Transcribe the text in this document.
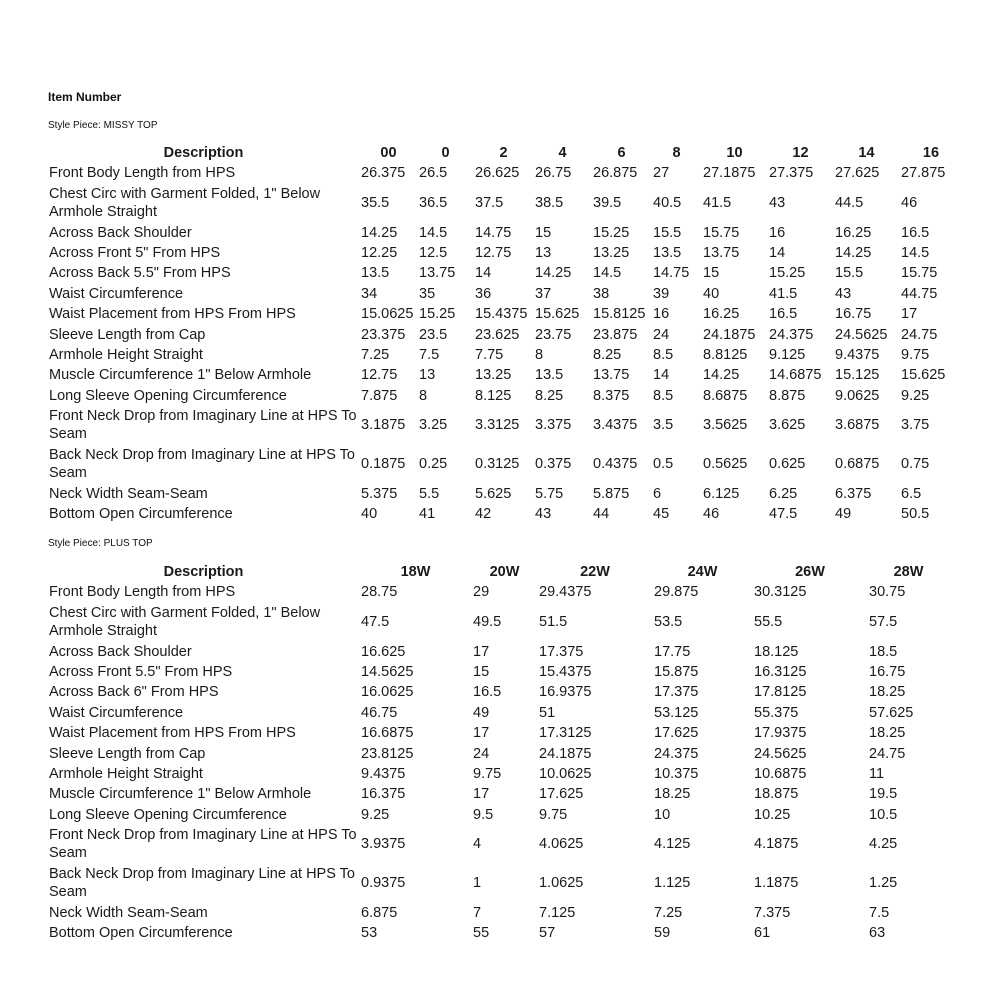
Item Number
Style Piece: MISSY TOP
Description	00	0	2	4	6	8	10	12	14	16
Front Body Length from HPS	26.375	26.5	26.625	26.75	26.875	27	27.1875	27.375	27.625	27.875
Chest Circ with Garment Folded, 1" Below Armhole Straight	35.5	36.5	37.5	38.5	39.5	40.5	41.5	43	44.5	46
Across Back Shoulder	14.25	14.5	14.75	15	15.25	15.5	15.75	16	16.25	16.5
Across Front 5" From HPS	12.25	12.5	12.75	13	13.25	13.5	13.75	14	14.25	14.5
Across Back 5.5" From HPS	13.5	13.75	14	14.25	14.5	14.75	15	15.25	15.5	15.75
Waist Circumference	34	35	36	37	38	39	40	41.5	43	44.75
Waist Placement from HPS From HPS	15.0625	15.25	15.4375	15.625	15.8125	16	16.25	16.5	16.75	17
Sleeve Length from Cap	23.375	23.5	23.625	23.75	23.875	24	24.1875	24.375	24.5625	24.75
Armhole Height Straight	7.25	7.5	7.75	8	8.25	8.5	8.8125	9.125	9.4375	9.75
Muscle Circumference 1" Below Armhole	12.75	13	13.25	13.5	13.75	14	14.25	14.6875	15.125	15.625
Long Sleeve Opening Circumference	7.875	8	8.125	8.25	8.375	8.5	8.6875	8.875	9.0625	9.25
Front Neck Drop from Imaginary Line at HPS To Seam	3.1875	3.25	3.3125	3.375	3.4375	3.5	3.5625	3.625	3.6875	3.75
Back Neck Drop from Imaginary Line at HPS To Seam	0.1875	0.25	0.3125	0.375	0.4375	0.5	0.5625	0.625	0.6875	0.75
Neck Width Seam-Seam	5.375	5.5	5.625	5.75	5.875	6	6.125	6.25	6.375	6.5
Bottom Open Circumference	40	41	42	43	44	45	46	47.5	49	50.5
Style Piece: PLUS TOP
Description	18W	20W	22W	24W	26W	28W
Front Body Length from HPS	28.75	29	29.4375	29.875	30.3125	30.75
Chest Circ with Garment Folded, 1" Below Armhole Straight	47.5	49.5	51.5	53.5	55.5	57.5
Across Back Shoulder	16.625	17	17.375	17.75	18.125	18.5
Across Front 5.5" From HPS	14.5625	15	15.4375	15.875	16.3125	16.75
Across Back 6" From HPS	16.0625	16.5	16.9375	17.375	17.8125	18.25
Waist Circumference	46.75	49	51	53.125	55.375	57.625
Waist Placement from HPS From HPS	16.6875	17	17.3125	17.625	17.9375	18.25
Sleeve Length from Cap	23.8125	24	24.1875	24.375	24.5625	24.75
Armhole Height Straight	9.4375	9.75	10.0625	10.375	10.6875	11
Muscle Circumference 1" Below Armhole	16.375	17	17.625	18.25	18.875	19.5
Long Sleeve Opening Circumference	9.25	9.5	9.75	10	10.25	10.5
Front Neck Drop from Imaginary Line at HPS To Seam	3.9375	4	4.0625	4.125	4.1875	4.25
Back Neck Drop from Imaginary Line at HPS To Seam	0.9375	1	1.0625	1.125	1.1875	1.25
Neck Width Seam-Seam	6.875	7	7.125	7.25	7.375	7.5
Bottom Open Circumference	53	55	57	59	61	63
